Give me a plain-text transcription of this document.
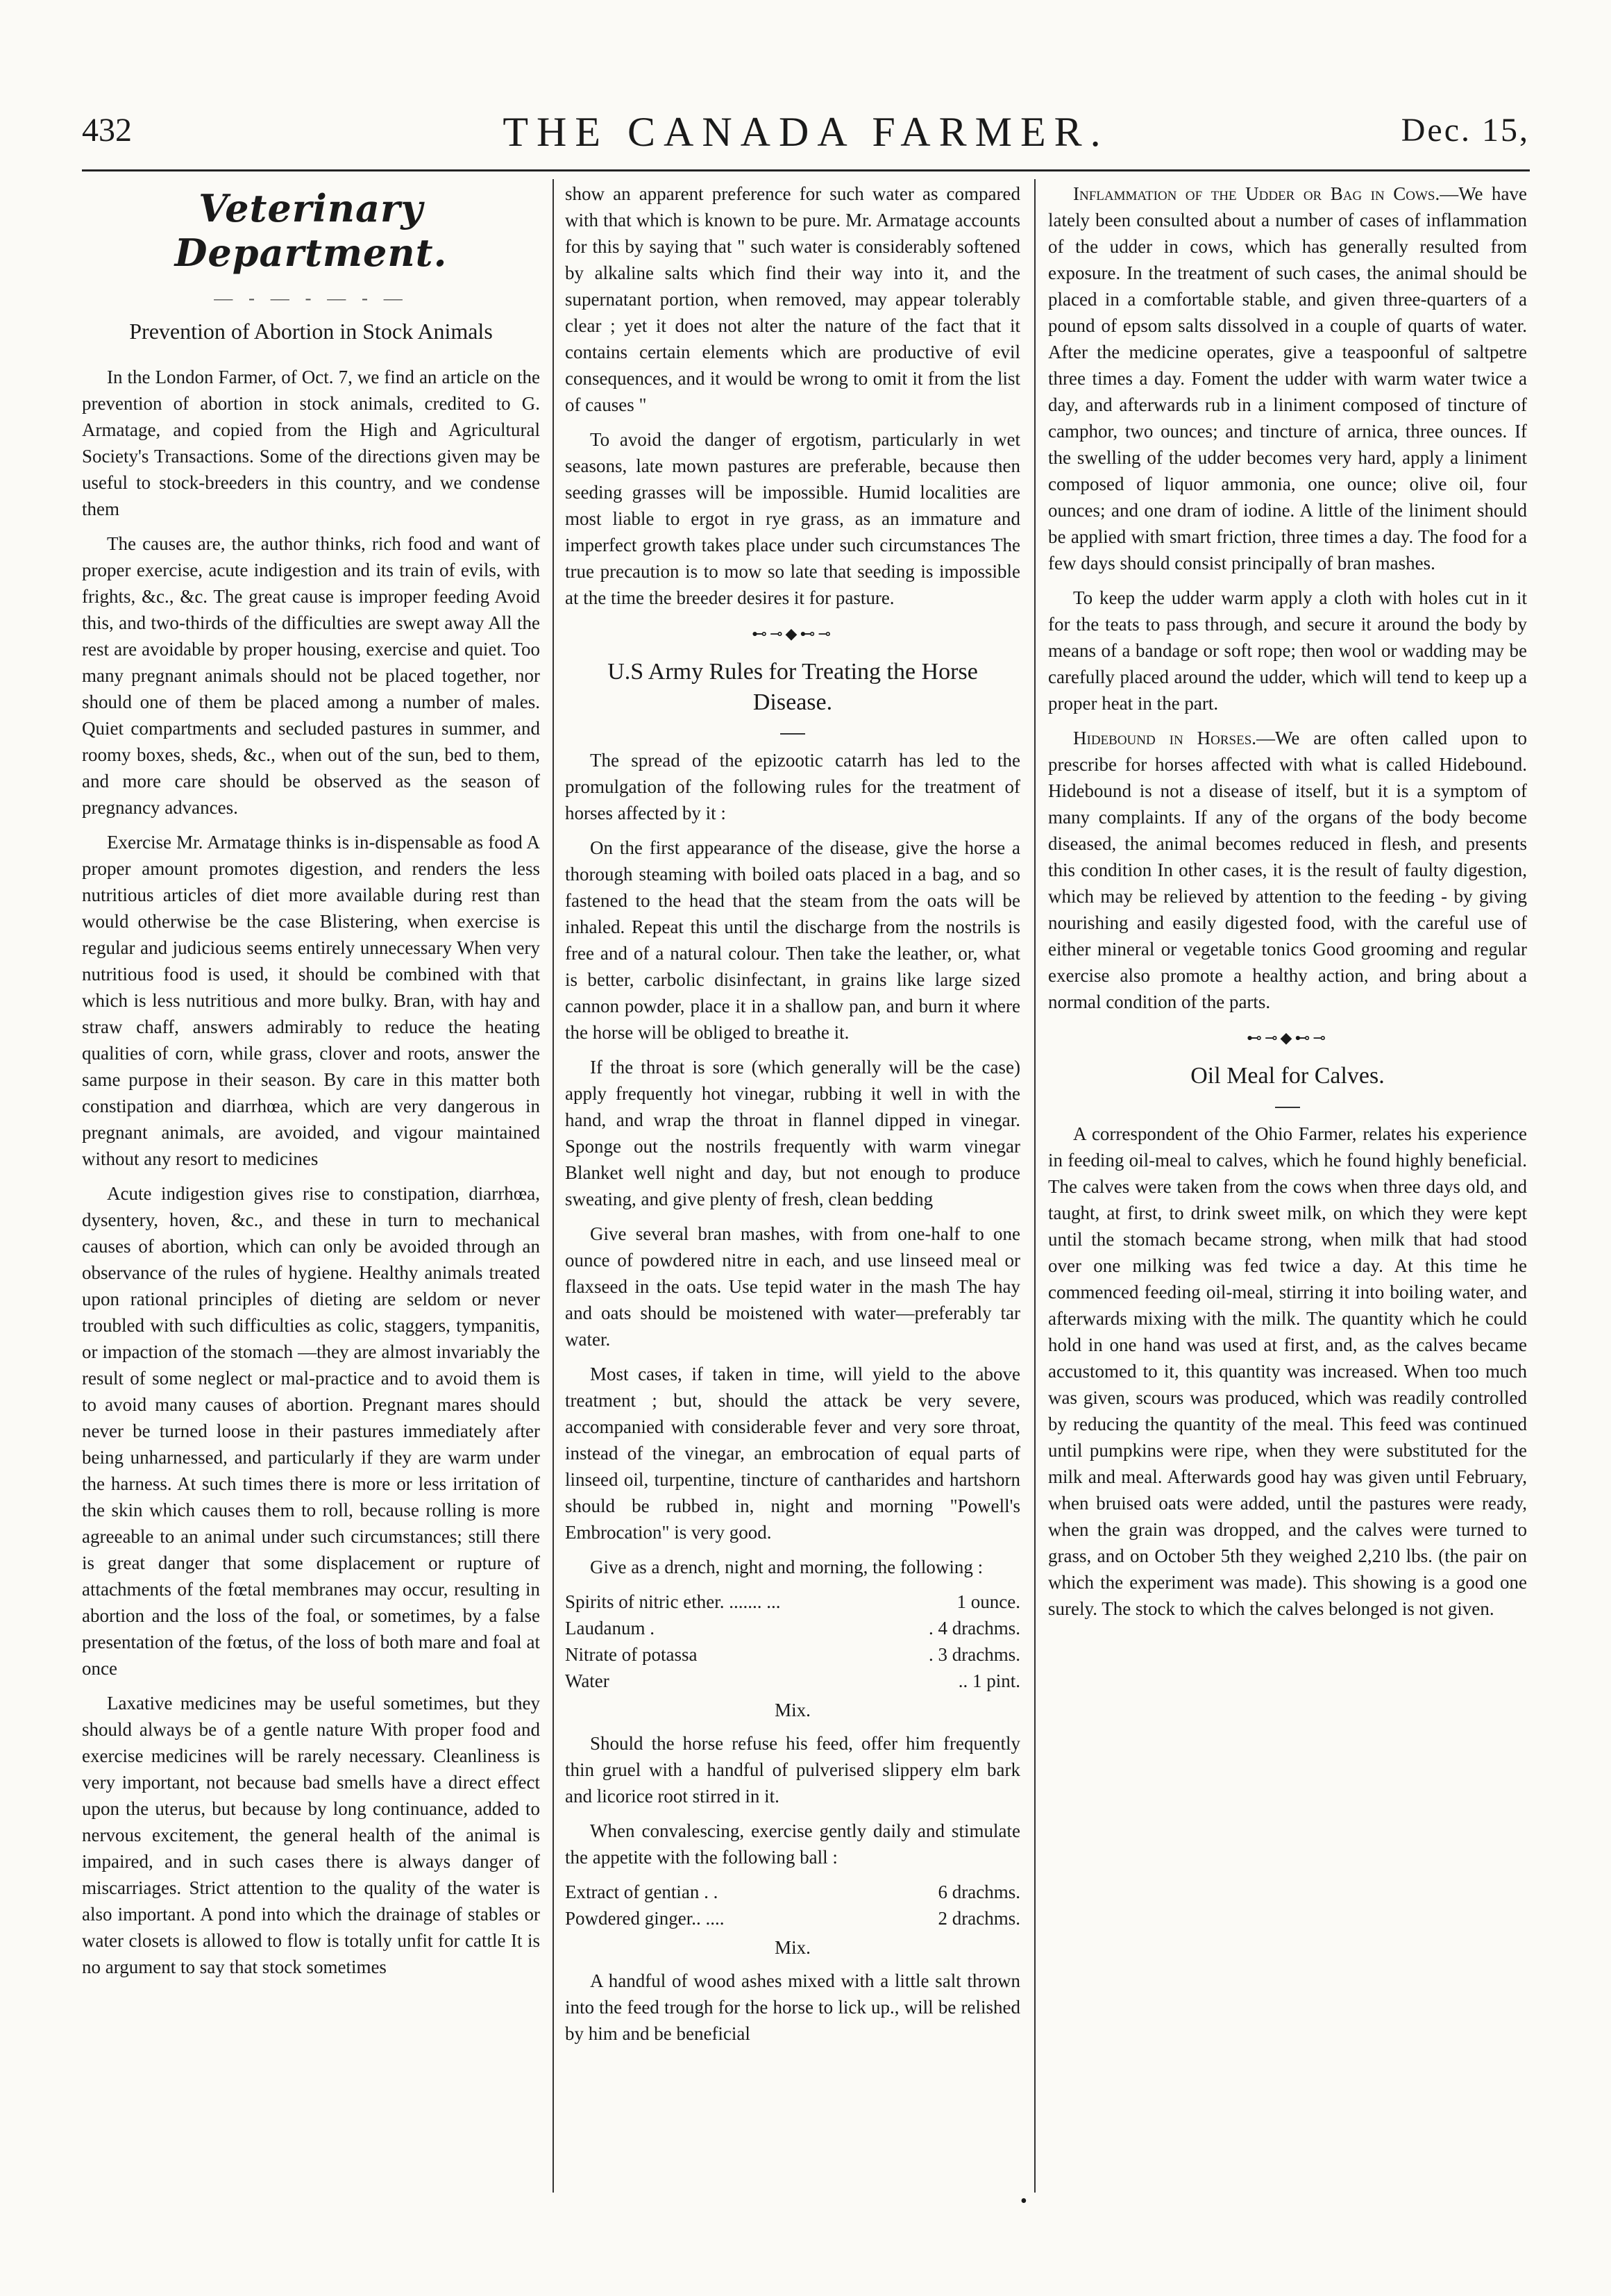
432	THE CANADA FARMER.	Dec. 15,
Veterinary Department.
— - — - — - —
Prevention of Abortion in Stock Animals

In the London Farmer, of Oct. 7, we find an article on the prevention of abortion in stock animals, credited to G. Armatage, and copied from the High and Agricultural Society's Transactions. Some of the directions given may be useful to stock-breeders in this country, and we condense them

The causes are, the author thinks, rich food and want of proper exercise, acute indigestion and its train of evils, with frights, &c., &c. The great cause is improper feeding Avoid this, and two-thirds of the difficulties are swept away All the rest are avoidable by proper housing, exercise and quiet. Too many pregnant animals should not be placed together, nor should one of them be placed among a number of males. Quiet compartments and secluded pastures in summer, and roomy boxes, sheds, &c., when out of the sun, bed to them, and more care should be observed as the season of pregnancy advances.

Exercise Mr. Armatage thinks is in-dispensable as food A proper amount promotes digestion, and renders the less nutritious articles of diet more available during rest than would otherwise be the case Blistering, when exercise is regular and judicious seems entirely unnecessary When very nutritious food is used, it should be combined with that which is less nutritious and more bulky. Bran, with hay and straw chaff, answers admirably to reduce the heating qualities of corn, while grass, clover and roots, answer the same purpose in their season. By care in this matter both constipation and diarrhœa, which are very dangerous in pregnant animals, are avoided, and vigour maintained without any resort to medicines

Acute indigestion gives rise to constipation, diarrhœa, dysentery, hoven, &c., and these in turn to mechanical causes of abortion, which can only be avoided through an observance of the rules of hygiene. Healthy animals treated upon rational principles of dieting are seldom or never troubled with such difficulties as colic, staggers, tympanitis, or impaction of the stomach —they are almost invariably the result of some neglect or mal-practice and to avoid them is to avoid many causes of abortion. Pregnant mares should never be turned loose in their pastures immediately after being unharnessed, and particularly if they are warm under the harness. At such times there is more or less irritation of the skin which causes them to roll, because rolling is more agreeable to an animal under such circumstances; still there is great danger that some displacement or rupture of attachments of the fœtal membranes may occur, resulting in abortion and the loss of the foal, or sometimes, by a false presentation of the fœtus, of the loss of both mare and foal at once

Laxative medicines may be useful sometimes, but they should always be of a gentle nature With proper food and exercise medicines will be rarely necessary. Cleanliness is very important, not because bad smells have a direct effect upon the uterus, but because by long continuance, added to nervous excitement, the general health of the animal is impaired, and in such cases there is always danger of miscarriages. Strict attention to the quality of the water is also important. A pond into which the drainage of stables or water closets is allowed to flow is totally unfit for cattle It is no argument to say that stock sometimes

show an apparent preference for such water as compared with that which is known to be pure. Mr. Armatage accounts for this by saying that " such water is considerably softened by alkaline salts which find their way into it, and the supernatant portion, when removed, may appear tolerably clear ; yet it does not alter the nature of the fact that it contains certain elements which are productive of evil consequences, and it would be wrong to omit it from the list of causes "

To avoid the danger of ergotism, particularly in wet seasons, late mown pastures are preferable, because then seeding grasses will be impossible. Humid localities are most liable to ergot in rye grass, as an immature and imperfect growth takes place under such circumstances The true precaution is to mow so late that seeding is impossible at the time the breeder desires it for pasture.

⊷⊸◆⊷⊸
U.S Army Rules for Treating the Horse Disease.

The spread of the epizootic catarrh has led to the promulgation of the following rules for the treatment of horses affected by it :

On the first appearance of the disease, give the horse a thorough steaming with boiled oats placed in a bag, and so fastened to the head that the steam from the oats will be inhaled. Repeat this until the discharge from the nostrils is free and of a natural colour. Then take the leather, or, what is better, carbolic disinfectant, in grains like large sized cannon powder, place it in a shallow pan, and burn it where the horse will be obliged to breathe it.

If the throat is sore (which generally will be the case) apply frequently hot vinegar, rubbing it well in with the hand, and wrap the throat in flannel dipped in vinegar. Sponge out the nostrils frequently with warm vinegar Blanket well night and day, but not enough to produce sweating, and give plenty of fresh, clean bedding

Give several bran mashes, with from one-half to one ounce of powdered nitre in each, and use linseed meal or flaxseed in the oats. Use tepid water in the mash The hay and oats should be moistened with water—preferably tar water.

Most cases, if taken in time, will yield to the above treatment ; but, should the attack be very severe, accompanied with considerable fever and very sore throat, instead of the vinegar, an embrocation of equal parts of linseed oil, turpentine, tincture of cantharides and hartshorn should be rubbed in, night and morning "Powell's Embrocation" is very good.

Give as a drench, night and morning, the following :

Spirits of nitric ether. ....... ...	1 ounce.
Laudanum .	. 4 drachms.
Nitrate of potassa	. 3 drachms.
Water	.. 1 pint.
Mix.

Should the horse refuse his feed, offer him frequently thin gruel with a handful of pulverised slippery elm bark and licorice root stirred in it.

When convalescing, exercise gently daily and stimulate the appetite with the following ball :

Extract of gentian . .	6 drachms.
Powdered ginger.. ....	2 drachms.
Mix.

A handful of wood ashes mixed with a little salt thrown into the feed trough for the horse to lick up., will be relished by him and be beneficial

Inflammation of the Udder or Bag in Cows.—We have lately been consulted about a number of cases of inflammation of the udder in cows, which has generally resulted from exposure. In the treatment of such cases, the animal should be placed in a comfortable stable, and given three-quarters of a pound of epsom salts dissolved in a couple of quarts of water. After the medicine operates, give a teaspoonful of saltpetre three times a day. Foment the udder with warm water twice a day, and afterwards rub in a liniment composed of tincture of camphor, two ounces; and tincture of arnica, three ounces. If the swelling of the udder becomes very hard, apply a liniment composed of liquor ammonia, one ounce; olive oil, four ounces; and one dram of iodine. A little of the liniment should be applied with smart friction, three times a day. The food for a few days should consist principally of bran mashes.

To keep the udder warm apply a cloth with holes cut in it for the teats to pass through, and secure it around the body by means of a bandage or soft rope; then wool or wadding may be carefully placed around the udder, which will tend to keep up a proper heat in the part.

Hidebound in Horses.—We are often called upon to prescribe for horses affected with what is called Hidebound. Hidebound is not a disease of itself, but it is a symptom of many complaints. If any of the organs of the body become diseased, the animal becomes reduced in flesh, and presents this condition In other cases, it is the result of faulty digestion, which may be relieved by attention to the feeding - by giving nourishing and easily digested food, with the careful use of either mineral or vegetable tonics Good grooming and regular exercise also promote a healthy action, and bring about a normal condition of the parts.

⊷⊸◆⊷⊸
Oil Meal for Calves.

A correspondent of the Ohio Farmer, relates his experience in feeding oil-meal to calves, which he found highly beneficial. The calves were taken from the cows when three days old, and taught, at first, to drink sweet milk, on which they were kept until the stomach became strong, when milk that had stood over one milking was fed twice a day. At this time he commenced feeding oil-meal, stirring it into boiling water, and afterwards mixing with the milk. The quantity which he could hold in one hand was used at first, and, as the calves became accustomed to it, this quantity was increased. When too much was given, scours was produced, which was readily controlled by reducing the quantity of the meal. This feed was continued until pumpkins were ripe, when they were substituted for the milk and meal. Afterwards good hay was given until February, when bruised oats were added, until the pastures were ready, when the grain was dropped, and the calves were turned to grass, and on October 5th they weighed 2,210 lbs. (the pair on which the experiment was made). This showing is a good one surely. The stock to which the calves belonged is not given.

•
